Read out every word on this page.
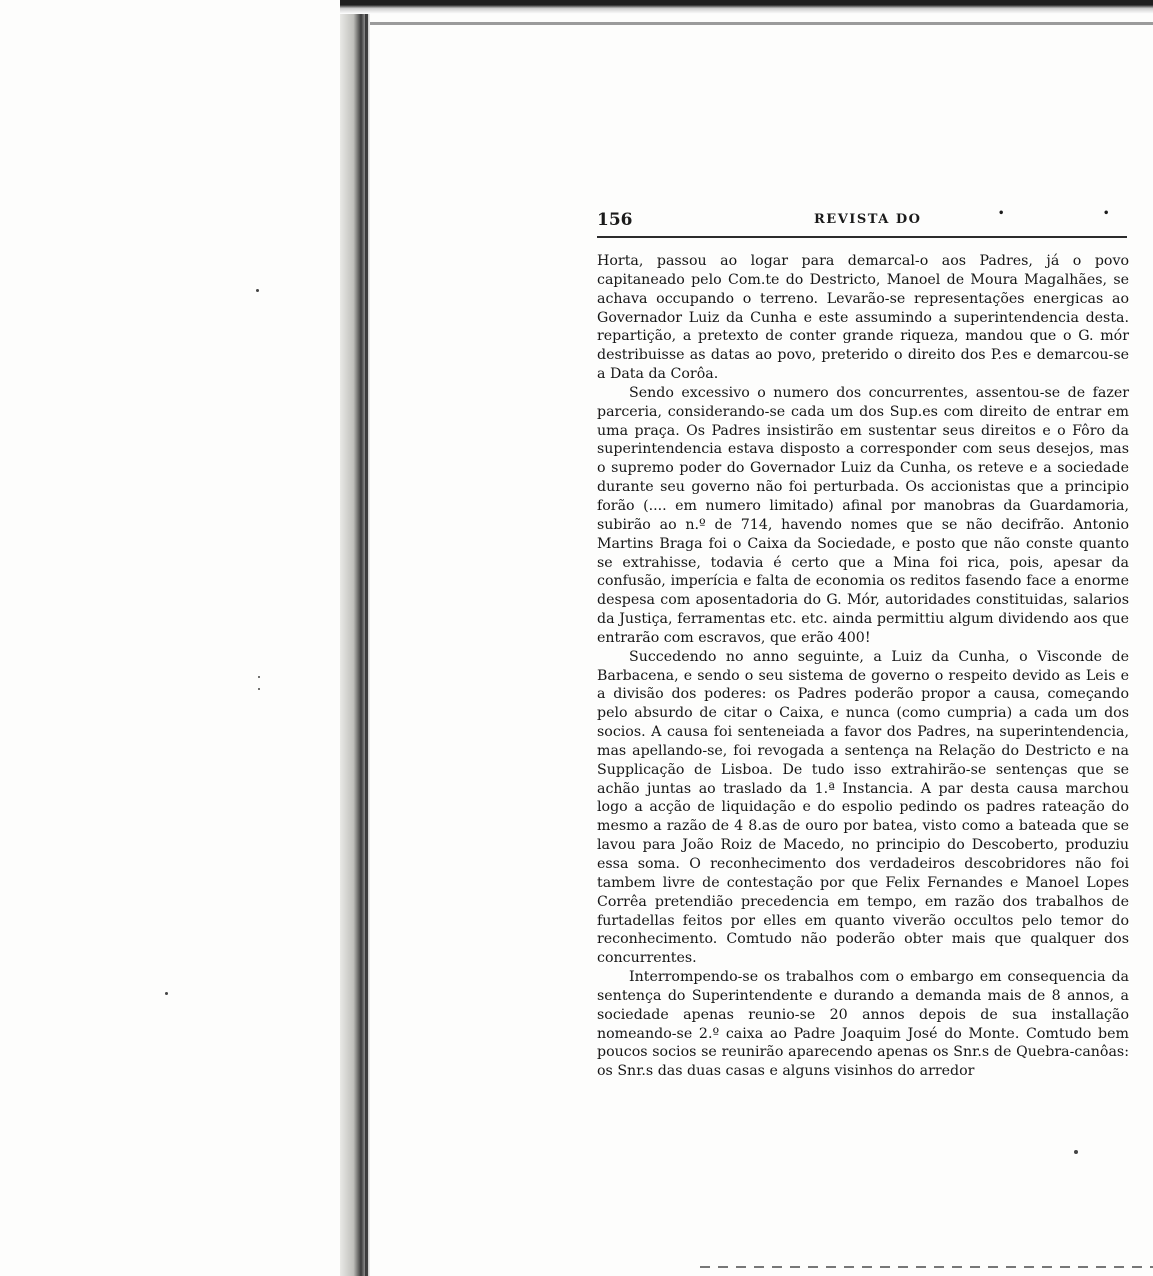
156	REVISTA DO	•	•

Horta, passou ao logar para demarcal-o aos Padres, já o povo capitaneado pelo Com.te do Destricto, Manoel de Moura Magalhães, se achava occupando o terreno. Levarão-se representações energicas ao Governador Luiz da Cunha e este assumindo a superintendencia desta. repartição, a pretexto de conter grande riqueza, mandou que o G. mór destribuisse as datas ao povo, preterido o direito dos P.es e demarcou-se a Data da Corôa.

Sendo excessivo o numero dos concurrentes, assentou-se de fazer parceria, considerando-se cada um dos Sup.es com direito de entrar em uma praça. Os Padres insistirão em sustentar seus direitos e o Fôro da superintendencia estava disposto a corresponder com seus desejos, mas o supremo poder do Governador Luiz da Cunha, os reteve e a sociedade durante seu governo não foi perturbada. Os accionistas que a principio forão (.... em numero limitado) afinal por manobras da Guardamoria, subirão ao n.º de 714, havendo nomes que se não decifrão. Antonio Martins Braga foi o Caixa da Sociedade, e posto que não conste quanto se extrahisse, todavia é certo que a Mina foi rica, pois, apesar da confusão, imperícia e falta de economia os reditos fasendo face a enorme despesa com aposentadoria do G. Mór, autoridades constituidas, salarios da Justiça, ferramentas etc. etc. ainda permittiu algum dividendo aos que entrarão com escravos, que erão 400!

Succedendo no anno seguinte, a Luiz da Cunha, o Visconde de Barbacena, e sendo o seu sistema de governo o respeito devido as Leis e a divisão dos poderes: os Padres poderão propor a causa, começando pelo absurdo de citar o Caixa, e nunca (como cumpria) a cada um dos socios. A causa foi senteneiada a favor dos Padres, na superintendencia, mas apellando-se, foi revogada a sentença na Relação do Destricto e na Supplicação de Lisboa. De tudo isso extrahirão-se sentenças que se achão juntas ao traslado da 1.ª Instancia. A par desta causa marchou logo a acção de liquidação e do espolio pedindo os padres rateação do mesmo a razão de 4 8.as de ouro por batea, visto como a bateada que se lavou para João Roiz de Macedo, no principio do Descoberto, produziu essa soma. O reconhecimento dos verdadeiros descobridores não foi tambem livre de contestação por que Felix Fernandes e Manoel Lopes Corrêa pretendião precedencia em tempo, em razão dos trabalhos de furtadellas feitos por elles em quanto viverão occultos pelo temor do reconhecimento. Comtudo não poderão obter mais que qualquer dos concurrentes.

Interrompendo-se os trabalhos com o embargo em consequencia da sentença do Superintendente e durando a demanda mais de 8 annos, a sociedade apenas reunio-se 20 annos depois de sua installação nomeando-se 2.º caixa ao Padre Joaquim José do Monte. Comtudo bem poucos socios se reunirão aparecendo apenas os Snr.s de Quebra-canôas: os Snr.s das duas casas e alguns visinhos do arredor
